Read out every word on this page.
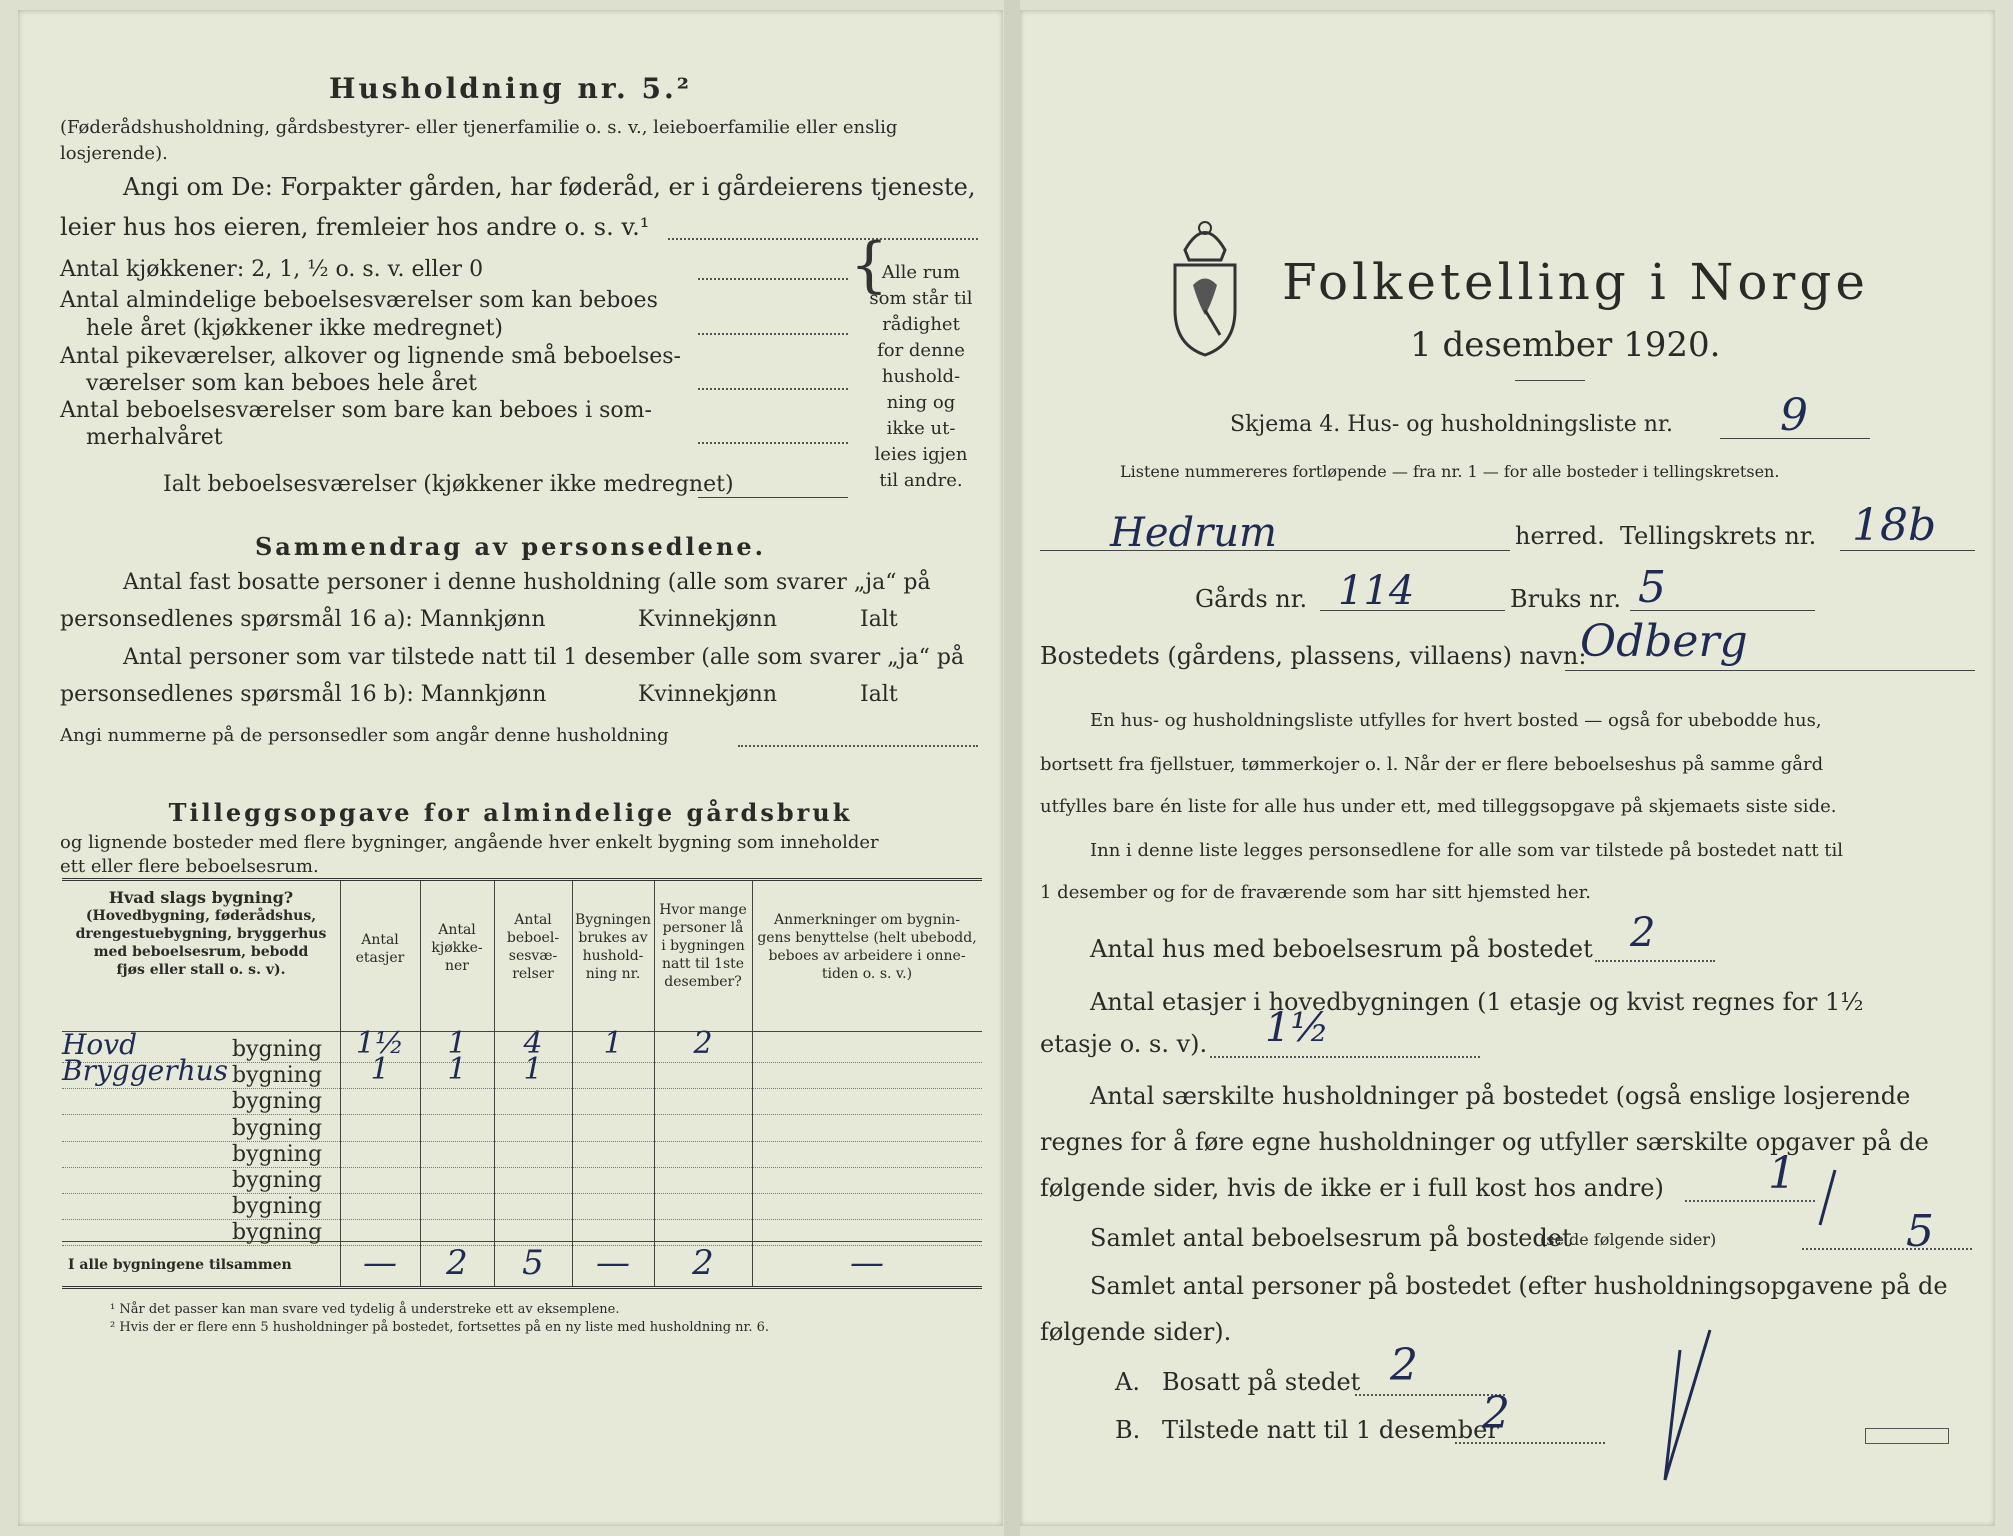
Husholdning nr. 5.²
(Føderådshusholdning, gårdsbestyrer- eller tjenerfamilie o. s. v., leieboerfamilie eller enslig losjerende).
Angi om De: Forpakter gården, har føderåd, er i gårdeierens tjeneste,
leier hus hos eieren, fremleier hos andre o. s. v.¹
Antal kjøkkener: 2, 1, ½ o. s. v. eller 0
Antal almindelige beboelsesværelser som kan beboes
hele året (kjøkkener ikke medregnet)
Antal pikeværelser, alkover og lignende små beboelses-
værelser som kan beboes hele året
Antal beboelsesværelser som bare kan beboes i som-
merhalvåret
Ialt beboelsesværelser (kjøkkener ikke medregnet)
{
Alle rum
som står til
rådighet
for denne
hushold-
ning og
ikke ut-
leies igjen
til andre.
Sammendrag av personsedlene.
Antal fast bosatte personer i denne husholdning (alle som svarer „ja“ på
personsedlenes spørsmål 16 a): Mannkjønn	Kvinnekjønn	Ialt
Antal personer som var tilstede natt til 1 desember (alle som svarer „ja“ på
personsedlenes spørsmål 16 b): Mannkjønn	Kvinnekjønn	Ialt
Angi nummerne på de personsedler som angår denne husholdning
Tilleggsopgave for almindelige gårdsbruk
og lignende bosteder med flere bygninger, angående hver enkelt bygning som inneholder
ett eller flere beboelsesrum.
Hvad slags bygning?
(Hovedbygning, føderådshus,
drengestuebygning, bryggerhus
med beboelsesrum, bebodd
fjøs eller stall o. s. v).
Antal
etasjer
Antal
kjøkke-
ner
Antal
beboel-
sesvæ-
relser
Bygningen
brukes av
hushold-
ning nr.
Hvor mange
personer lå
i bygningen
natt til 1ste
desember?
Anmerkninger om bygnin-
gens benyttelse (helt ubebodd,
beboes av arbeidere i onne-
tiden o. s. v.)
Hovd	bygning	1½	1	4	1	2
Bryggerhus bygning	1	1	1
bygning
bygning
bygning
bygning
bygning
bygning
I alle bygningene tilsammen	—	2	5	—	2	—
¹ Når det passer kan man svare ved tydelig å understreke ett av eksemplene.
² Hvis der er flere enn 5 husholdninger på bostedet, fortsettes på en ny liste med husholdning nr. 6.
Folketelling i Norge
1 desember 1920.
Skjema 4. Hus- og husholdningsliste nr. 9
Listene nummereres fortløpende — fra nr. 1 — for alle bosteder i tellingskretsen.
Hedrum	herred. Tellingskrets nr. 18b
Gårds nr. 114	Bruks nr. 5
Bostedets (gårdens, plassens, villaens) navn:
Odberg
En hus- og husholdningsliste utfylles for hvert bosted — også for ubebodde hus,
bortsett fra fjellstuer, tømmerkojer o. l. Når der er flere beboelseshus på samme gård
utfylles bare én liste for alle hus under ett, med tilleggsopgave på skjemaets siste side.
Inn i denne liste legges personsedlene for alle som var tilstede på bostedet natt til
1 desember og for de fraværende som har sitt hjemsted her.
Antal hus med beboelsesrum på bostedet 2
Antal etasjer i hovedbygningen (1 etasje og kvist regnes for 1½
etasje o. s. v). 1½
Antal særskilte husholdninger på bostedet (også enslige losjerende
regnes for å føre egne husholdninger og utfyller særskilte opgaver på de
følgende sider, hvis de ikke er i full kost hos andre) 1
Samlet antal beboelsesrum på bostedet
(se de følgende sider)	5
Samlet antal personer på bostedet (efter husholdningsopgavene på de
følgende sider).
A. Bosatt på stedet 2
B. Tilstede natt til 1 desember
2
